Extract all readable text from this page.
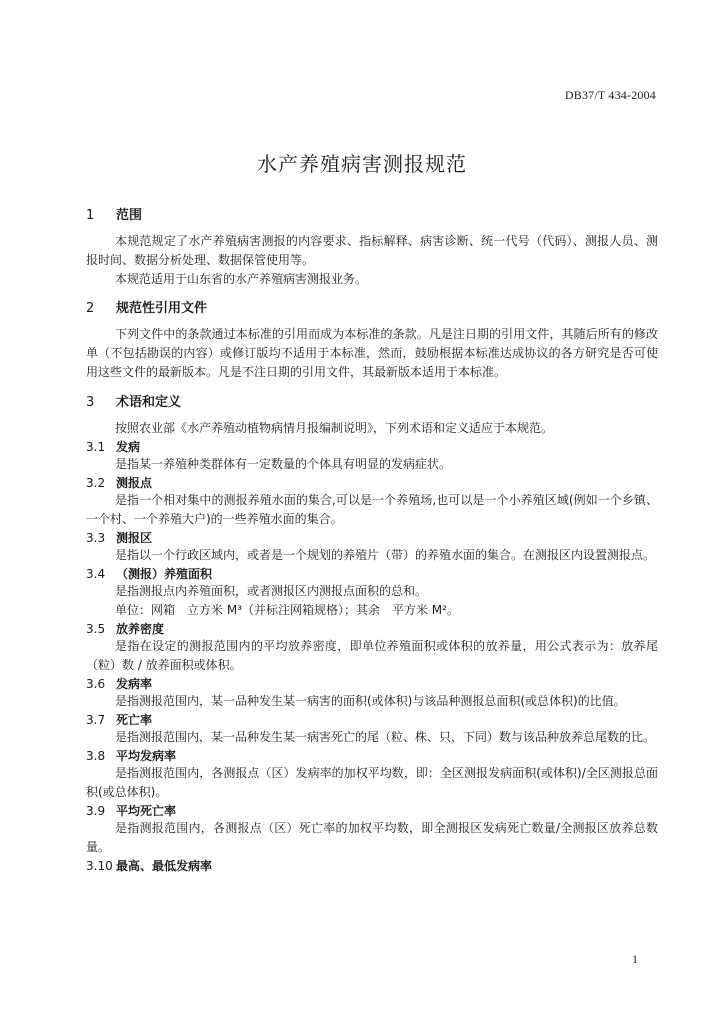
DB37/T 434-2004
水产养殖病害测报规范
1 范围

本规范规定了水产养殖病害测报的内容要求、指标解释、病害诊断、统一代号（代码）、测报人员、测报时间、数据分析处理、数据保管使用等。

本规范适用于山东省的水产养殖病害测报业务。

2 规范性引用文件

下列文件中的条款通过本标准的引用而成为本标准的条款。凡是注日期的引用文件，其随后所有的修改单（不包括勘误的内容）或修订版均不适用于本标准，然而，鼓励根据本标准达成协议的各方研究是否可使用这些文件的最新版本。凡是不注日期的引用文件，其最新版本适用于本标准。

3 术语和定义

按照农业部《水产养殖动植物病情月报编制说明》，下列术语和定义适应于本规范。

3.1 发病

是指某一养殖种类群体有一定数量的个体具有明显的发病症状。

3.2 测报点

是指一个相对集中的测报养殖水面的集合,可以是一个养殖场,也可以是一个小养殖区域(例如一个乡镇、一个村、一个养殖大户)的一些养殖水面的集合。

3.3 测报区

是指以一个行政区域内，或者是一个规划的养殖片（带）的养殖水面的集合。在测报区内设置测报点。

3.4 （测报）养殖面积

是指测报点内养殖面积，或者测报区内测报点面积的总和。

单位：网箱　立方米 M³（并标注网箱规格）；其余　平方米 M²。

3.5 放养密度

是指在设定的测报范围内的平均放养密度，即单位养殖面积或体积的放养量，用公式表示为：放养尾（粒）数 / 放养面积或体积。

3.6 发病率

是指测报范围内，某一品种发生某一病害的面积(或体积)与该品种测报总面积(或总体积)的比值。

3.7 死亡率

是指测报范围内，某一品种发生某一病害死亡的尾（粒、株、只，下同）数与该品种放养总尾数的比。

3.8 平均发病率

是指测报范围内，各测报点（区）发病率的加权平均数，即：全区测报发病面积(或体积)/全区测报总面积(或总体积)。

3.9 平均死亡率

是指测报范围内，各测报点（区）死亡率的加权平均数，即全测报区发病死亡数量/全测报区放养总数量。

3.10 最高、最低发病率
1
